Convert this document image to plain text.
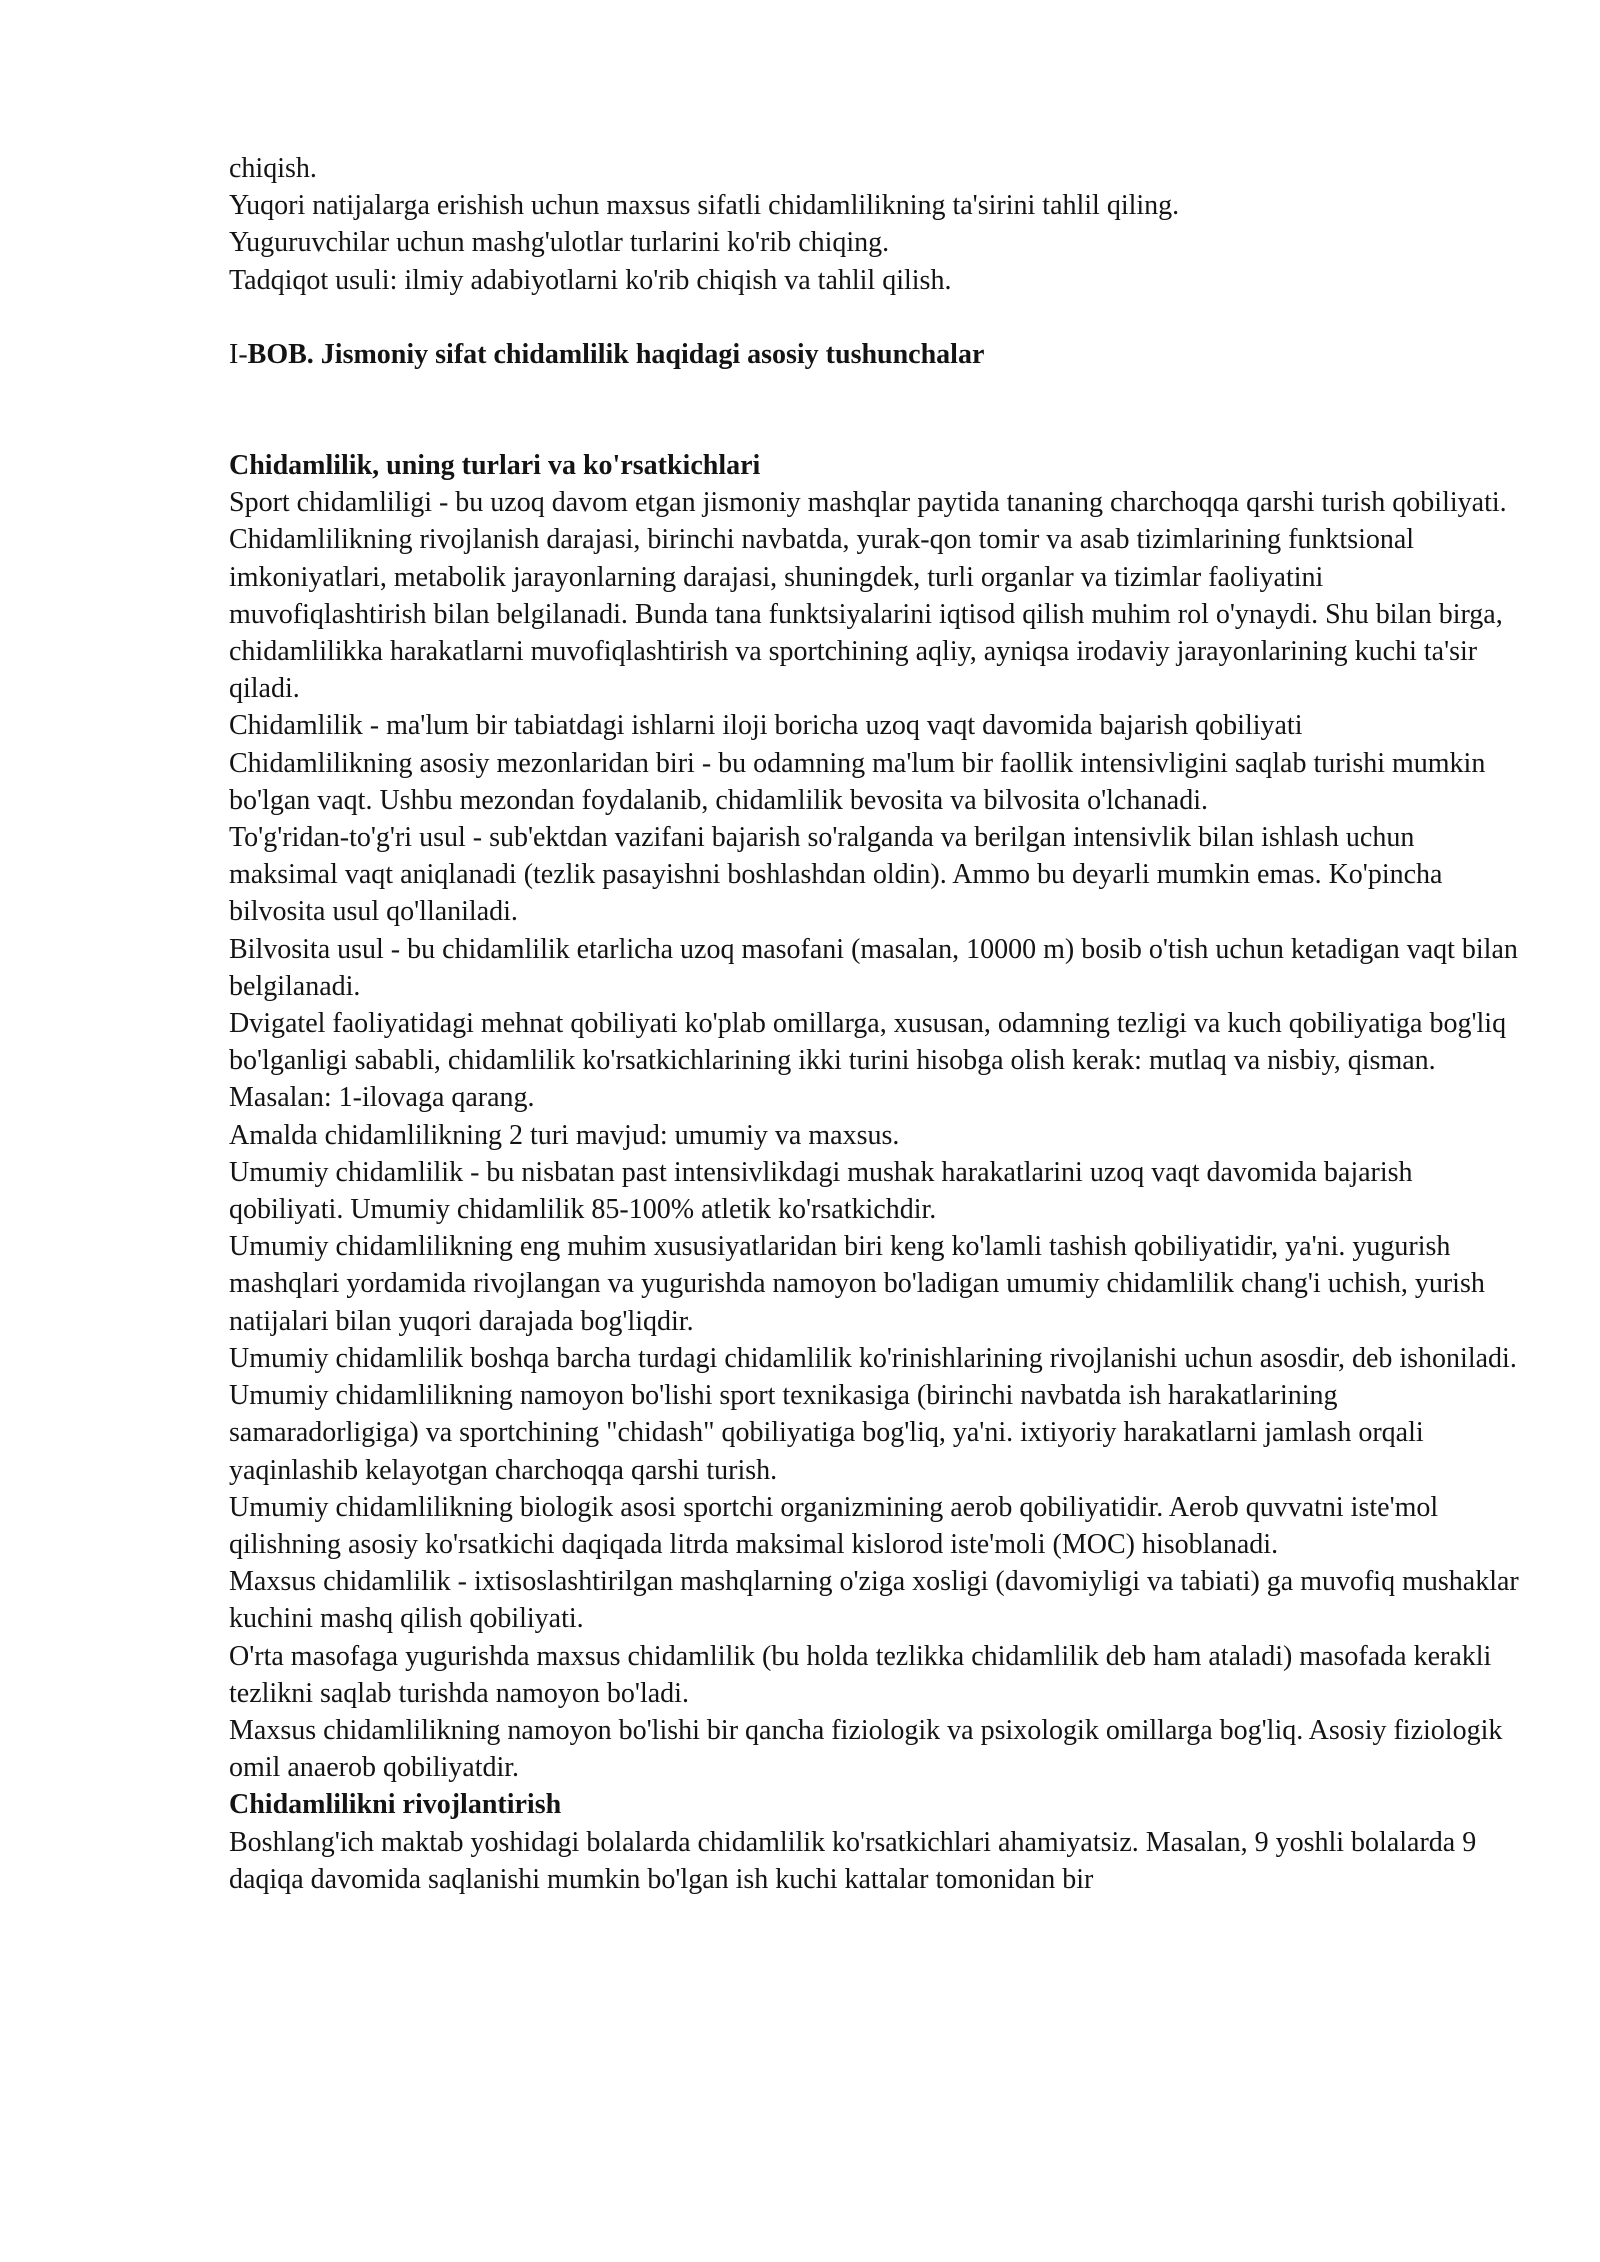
chiqish.

Yuqori natijalarga erishish uchun maxsus sifatli chidamlilikning ta'sirini tahlil qiling.

Yuguruvchilar uchun mashg'ulotlar turlarini ko'rib chiqing.

Tadqiqot usuli: ilmiy adabiyotlarni ko'rib chiqish va tahlil qilish.

I-BOB. Jismoniy sifat chidamlilik haqidagi asosiy tushunchalar
Chidamlilik, uning turlari va ko'rsatkichlari

Sport chidamliligi - bu uzoq davom etgan jismoniy mashqlar paytida tananing charchoqqa qarshi turish qobiliyati.

Chidamlilikning rivojlanish darajasi, birinchi navbatda, yurak-qon tomir va asab tizimlarining funktsional imkoniyatlari, metabolik jarayonlarning darajasi, shuningdek, turli organlar va tizimlar faoliyatini muvofiqlashtirish bilan belgilanadi. Bunda tana funktsiyalarini iqtisod qilish muhim rol o'ynaydi. Shu bilan birga, chidamlilikka harakatlarni muvofiqlashtirish va sportchining aqliy, ayniqsa irodaviy jarayonlarining kuchi ta'sir qiladi.

Chidamlilik - ma'lum bir tabiatdagi ishlarni iloji boricha uzoq vaqt davomida bajarish qobiliyati

Chidamlilikning asosiy mezonlaridan biri - bu odamning ma'lum bir faollik intensivligini saqlab turishi mumkin bo'lgan vaqt. Ushbu mezondan foydalanib, chidamlilik bevosita va bilvosita o'lchanadi.

To'g'ridan-to'g'ri usul - sub'ektdan vazifani bajarish so'ralganda va berilgan intensivlik bilan ishlash uchun maksimal vaqt aniqlanadi (tezlik pasayishni boshlashdan oldin). Ammo bu deyarli mumkin emas. Ko'pincha bilvosita usul qo'llaniladi.

Bilvosita usul - bu chidamlilik etarlicha uzoq masofani (masalan, 10000 m) bosib o'tish uchun ketadigan vaqt bilan belgilanadi.

Dvigatel faoliyatidagi mehnat qobiliyati ko'plab omillarga, xususan, odamning tezligi va kuch qobiliyatiga bog'liq bo'lganligi sababli, chidamlilik ko'rsatkichlarining ikki turini hisobga olish kerak: mutlaq va nisbiy, qisman.

Masalan: 1-ilovaga qarang.

Amalda chidamlilikning 2 turi mavjud: umumiy va maxsus.

Umumiy chidamlilik - bu nisbatan past intensivlikdagi mushak harakatlarini uzoq vaqt davomida bajarish qobiliyati. Umumiy chidamlilik 85-100% atletik ko'rsatkichdir.

Umumiy chidamlilikning eng muhim xususiyatlaridan biri keng ko'lamli tashish qobiliyatidir, ya'ni. yugurish mashqlari yordamida rivojlangan va yugurishda namoyon bo'ladigan umumiy chidamlilik chang'i uchish, yurish natijalari bilan yuqori darajada bog'liqdir.

Umumiy chidamlilik boshqa barcha turdagi chidamlilik ko'rinishlarining rivojlanishi uchun asosdir, deb ishoniladi.

Umumiy chidamlilikning namoyon bo'lishi sport texnikasiga (birinchi navbatda ish harakatlarining samaradorligiga) va sportchining "chidash" qobiliyatiga bog'liq, ya'ni. ixtiyoriy harakatlarni jamlash orqali yaqinlashib kelayotgan charchoqqa qarshi turish.

Umumiy chidamlilikning biologik asosi sportchi organizmining aerob qobiliyatidir. Aerob quvvatni iste'mol qilishning asosiy ko'rsatkichi daqiqada litrda maksimal kislorod iste'moli (MOC) hisoblanadi.

Maxsus chidamlilik - ixtisoslashtirilgan mashqlarning o'ziga xosligi (davomiyligi va tabiati) ga muvofiq mushaklar kuchini mashq qilish qobiliyati.

O'rta masofaga yugurishda maxsus chidamlilik (bu holda tezlikka chidamlilik deb ham ataladi) masofada kerakli tezlikni saqlab turishda namoyon bo'ladi.

Maxsus chidamlilikning namoyon bo'lishi bir qancha fiziologik va psixologik omillarga bog'liq. Asosiy fiziologik omil anaerob qobiliyatdir.

Chidamlilikni rivojlantirish

Boshlang'ich maktab yoshidagi bolalarda chidamlilik ko'rsatkichlari ahamiyatsiz. Masalan, 9 yoshli bolalarda 9 daqiqa davomida saqlanishi mumkin bo'lgan ish kuchi kattalar tomonidan bir
